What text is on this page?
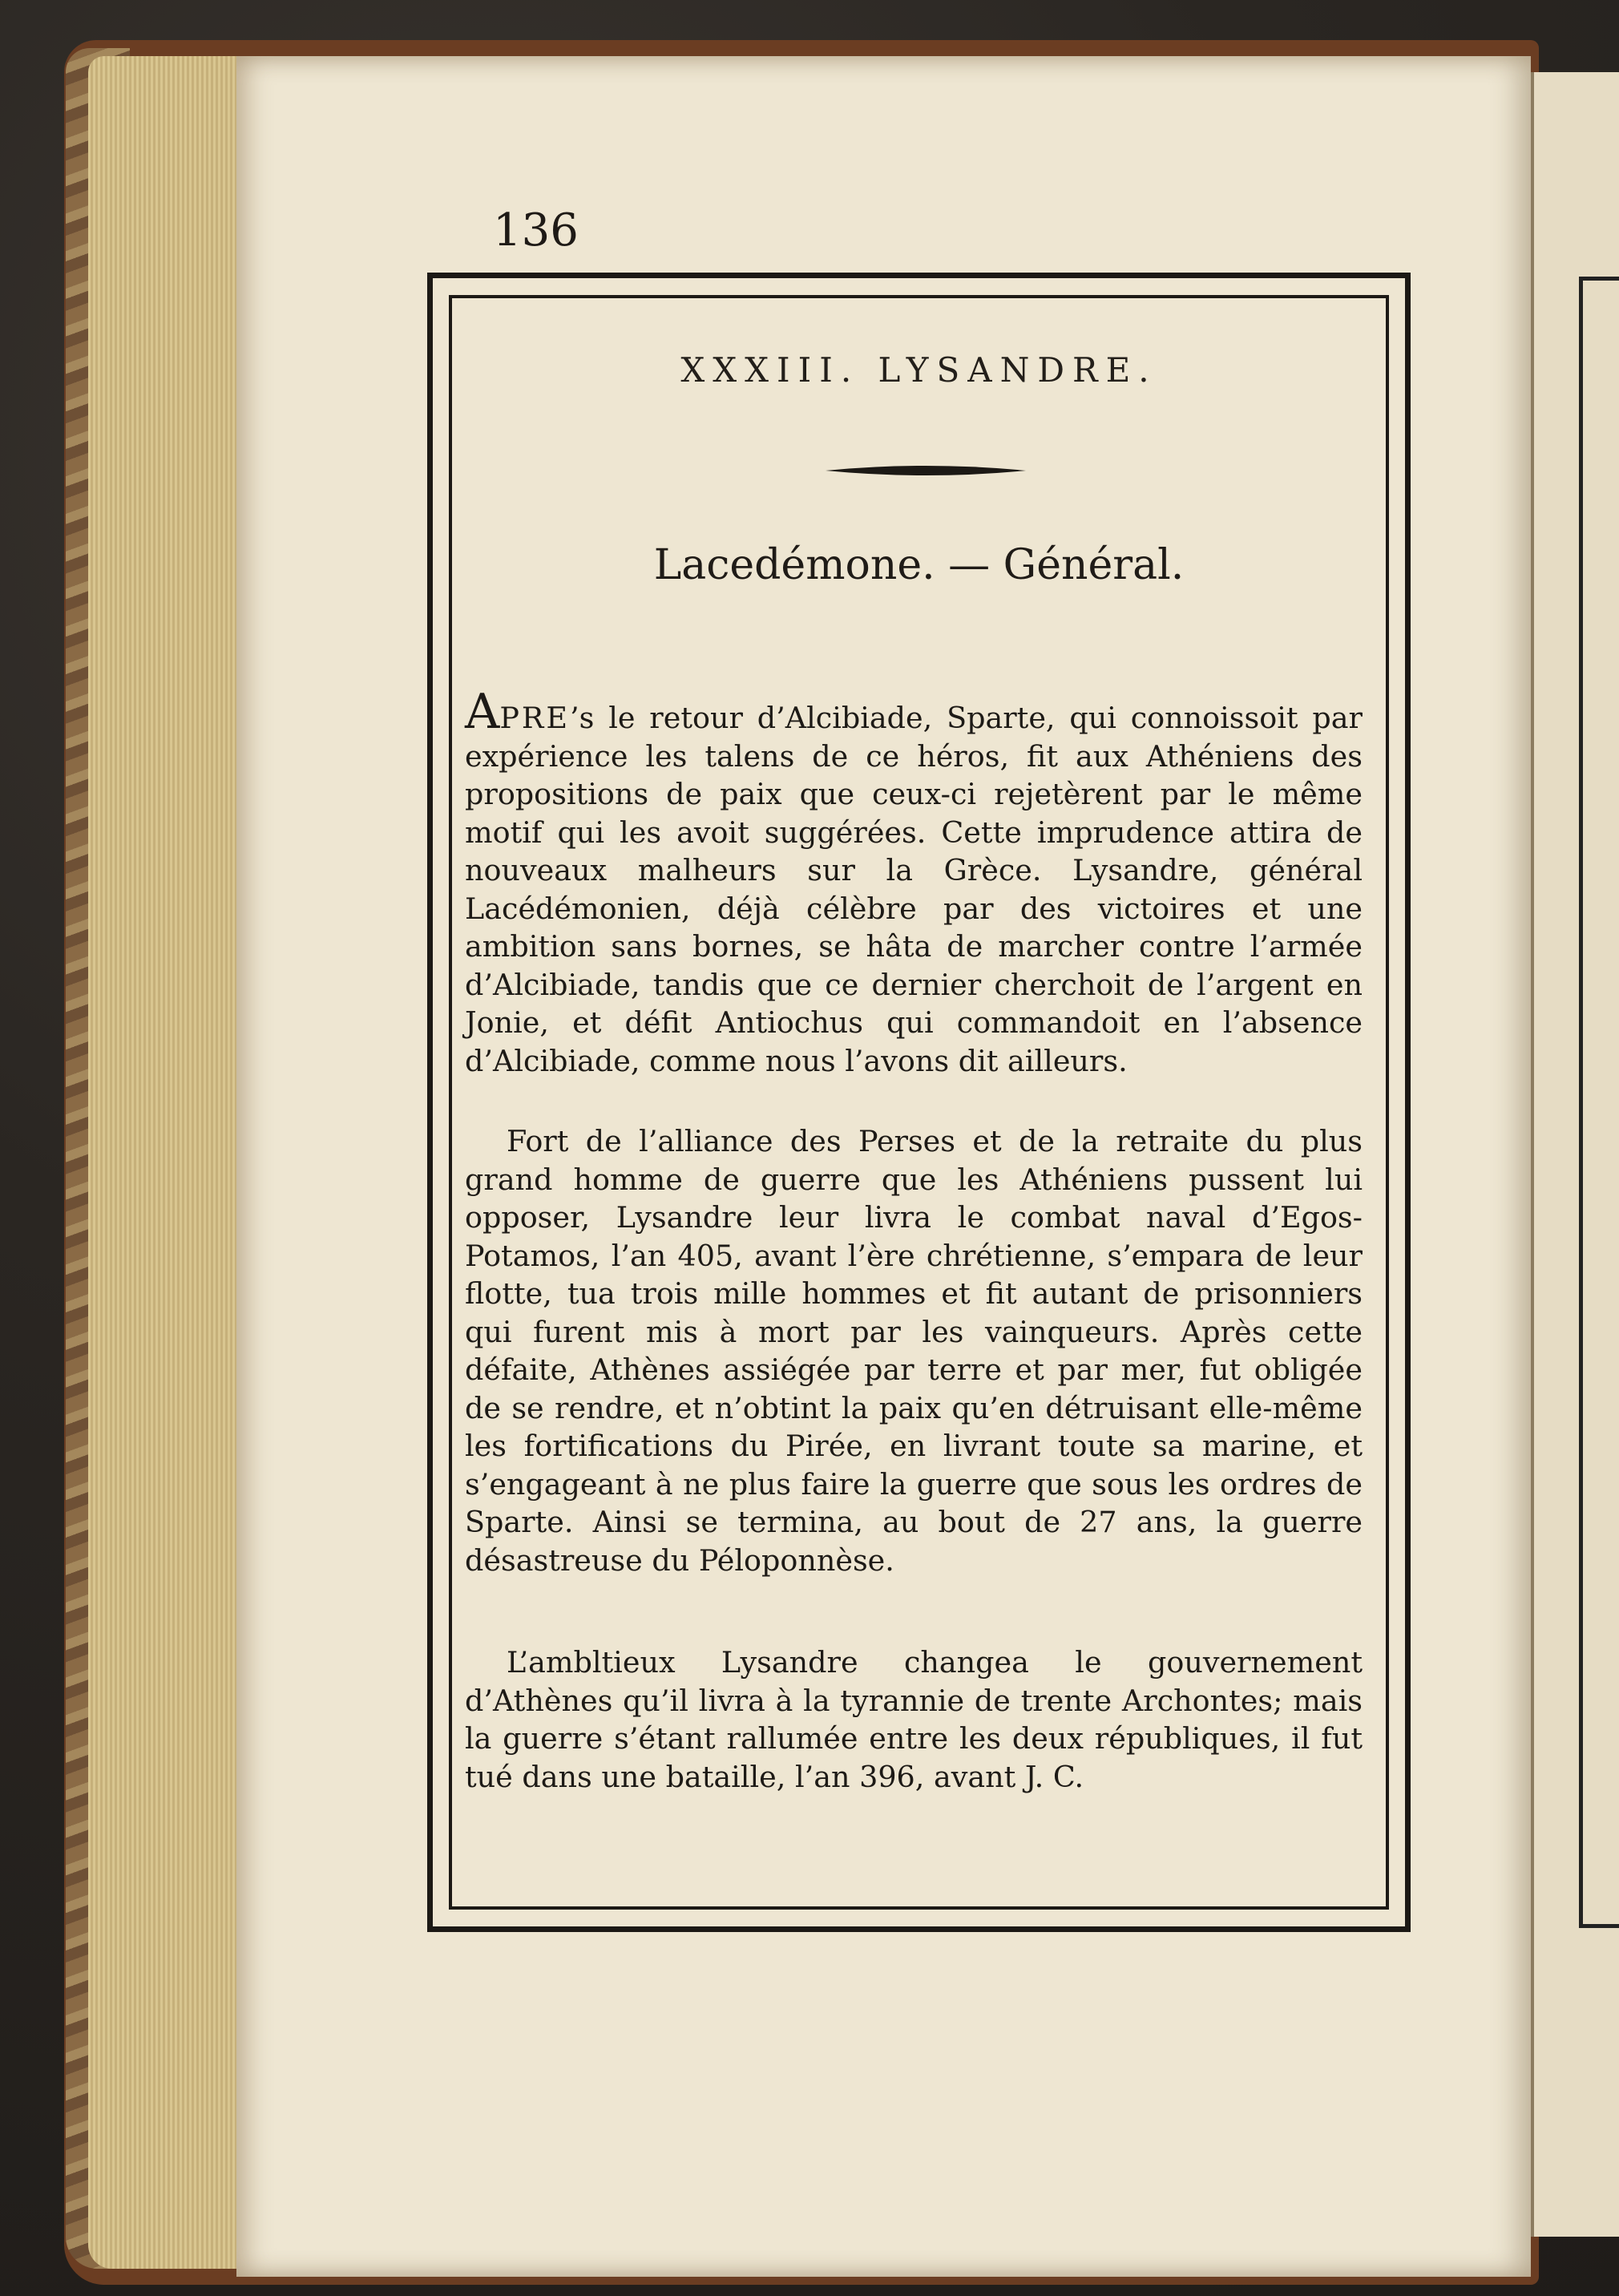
136
XXXIII. LYSANDRE.
Lacedémone. — Général.
APRE’s le retour d’Alcibiade, Sparte, qui connoissoit par expérience les talens de ce héros, fit aux Athéniens des propositions de paix que ceux-ci rejetèrent par le même motif qui les avoit suggérées. Cette imprudence attira de nouveaux malheurs sur la Grèce. Lysandre, général Lacédémonien, déjà célèbre par des victoires et une ambition sans bornes, se hâta de marcher contre l’armée d’Alcibiade, tandis que ce dernier cherchoit de l’argent en Jonie, et défit Antiochus qui commandoit en l’absence d’Alcibiade, comme nous l’avons dit ailleurs.
Fort de l’alliance des Perses et de la retraite du plus grand homme de guerre que les Athéniens pussent lui opposer, Lysandre leur livra le combat naval d’Egos-Potamos, l’an 405, avant l’ère chrétienne, s’empara de leur flotte, tua trois mille hommes et fit autant de prisonniers qui furent mis à mort par les vainqueurs. Après cette défaite, Athènes assiégée par terre et par mer, fut obligée de se rendre, et n’obtint la paix qu’en détruisant elle-même les fortifications du Pirée, en livrant toute sa marine, et s’engageant à ne plus faire la guerre que sous les ordres de Sparte. Ainsi se termina, au bout de 27 ans, la guerre désastreuse du Péloponnèse.
L’ambltieux Lysandre changea le gouvernement d’Athènes qu’il livra à la tyrannie de trente Archontes; mais la guerre s’étant rallumée entre les deux républiques, il fut tué dans une bataille, l’an 396, avant J. C.
